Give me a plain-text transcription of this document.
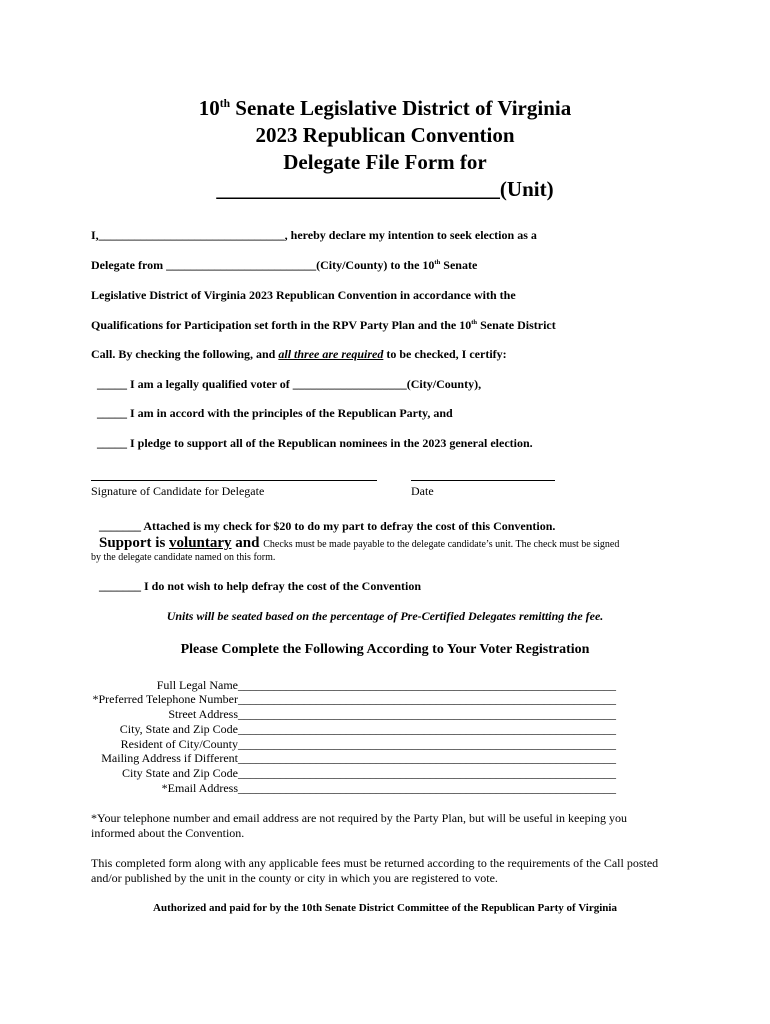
10th Senate Legislative District of Virginia
2023 Republican Convention
Delegate File Form for
___________________________(Unit)
I,_______________________________, hereby declare my intention to seek election as a
Delegate from _________________________(City/County) to the 10th Senate
Legislative District of Virginia 2023 Republican Convention in accordance with the
Qualifications for Participation set forth in the RPV Party Plan and the 10th Senate District
Call. By checking the following, and all three are required to be checked, I certify:
_____ I am a legally qualified voter of ___________________(City/County),
_____ I am in accord with the principles of the Republican Party, and
_____ I pledge to support all of the Republican nominees in the 2023 general election.
Signature of Candidate for Delegate	Date
_______ Attached is my check for $20 to do my part to defray the cost of this Convention.
Support is voluntary and Checks must be made payable to the delegate candidate’s unit. The check must be signed
by the delegate candidate named on this form.
_______ I do not wish to help defray the cost of the Convention
Units will be seated based on the percentage of Pre-Certified Delegates remitting the fee.
Please Complete the Following According to Your Voter Registration
Full Legal Name _______________________________________________________________
*Preferred Telephone Number _______________________________________________________________
Street Address _______________________________________________________________
City, State and Zip Code _______________________________________________________________
Resident of City/County _______________________________________________________________
Mailing Address if Different _______________________________________________________________
City State and Zip Code _______________________________________________________________
*Email Address _______________________________________________________________
*Your telephone number and email address are not required by the Party Plan, but will be useful in keeping you informed about the Convention.
This completed form along with any applicable fees must be returned according to the requirements of the Call posted and/or published by the unit in the county or city in which you are registered to vote.
Authorized and paid for by the 10th Senate District Committee of the Republican Party of Virginia
